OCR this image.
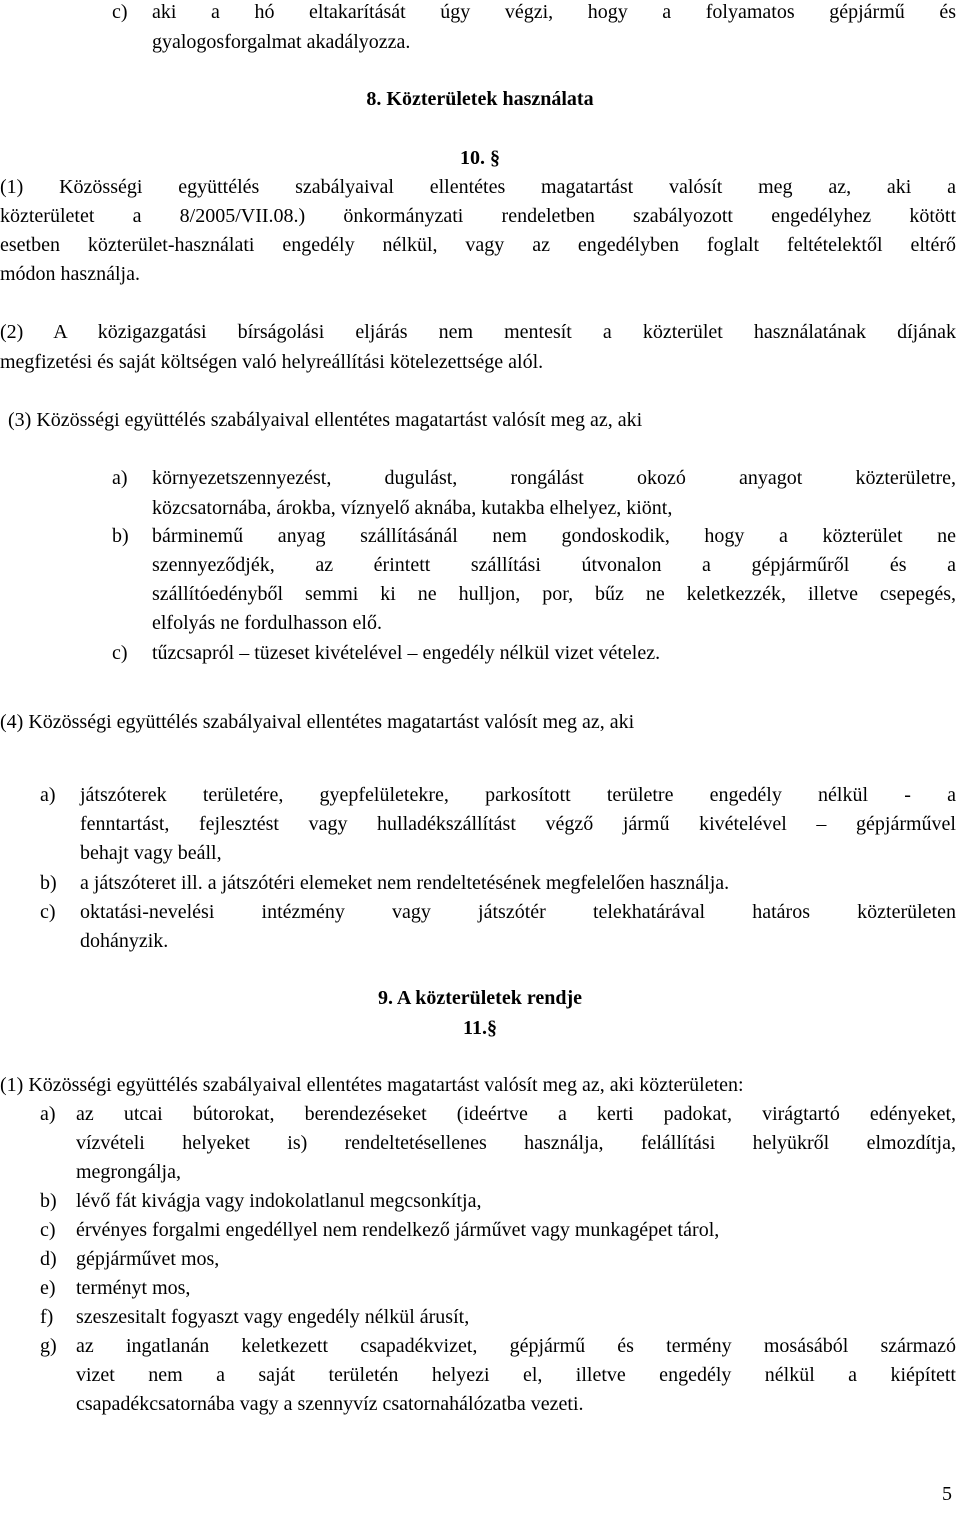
c) aki a hó eltakarítását úgy végzi, hogy a folyamatos gépjármű és
gyalogosforgalmat akadályozza.
8. Közterületek használata
10. §
(1) Közösségi együttélés szabályaival ellentétes magatartást valósít meg az, aki a
közterületet a 8/2005/VII.08.) önkormányzati rendeletben szabályozott engedélyhez kötött
esetben közterület-használati engedély nélkül, vagy az engedélyben foglalt feltételektől eltérő
módon használja.
(2) A közigazgatási bírságolási eljárás nem mentesít a közterület használatának díjának
megfizetési és saját költségen való helyreállítási kötelezettsége alól.
(3) Közösségi együttélés szabályaival ellentétes magatartást valósít meg az, aki
a) környezetszennyezést, dugulást, rongálást okozó anyagot közterületre,
közcsatornába, árokba, víznyelő aknába, kutakba elhelyez, kiönt,
b) bárminemű anyag szállításánál nem gondoskodik, hogy a közterület ne
szennyeződjék, az érintett szállítási útvonalon a gépjárműről és a
szállítóedényből semmi ki ne hulljon, por, bűz ne keletkezzék, illetve csepegés,
elfolyás ne fordulhasson elő.
c) tűzcsapról – tüzeset kivételével – engedély nélkül vizet vételez.
(4) Közösségi együttélés szabályaival ellentétes magatartást valósít meg az, aki
a) játszóterek területére, gyepfelületekre, parkosított területre engedély nélkül - a
fenntartást, fejlesztést vagy hulladékszállítást végző jármű kivételével – gépjárművel
behajt vagy beáll,
b) a játszóteret ill. a játszótéri elemeket nem rendeltetésének megfelelően használja.
c) oktatási-nevelési intézmény vagy játszótér telekhatárával határos közterületen
dohányzik.
9. A közterületek rendje
11.§
(1) Közösségi együttélés szabályaival ellentétes magatartást valósít meg az, aki közterületen:
a) az utcai bútorokat, berendezéseket (ideértve a kerti padokat, virágtartó edényeket,
vízvételi helyeket is) rendeltetésellenes használja, felállítási helyükről elmozdítja,
megrongálja,
b) lévő fát kivágja vagy indokolatlanul megcsonkítja,
c) érvényes forgalmi engedéllyel nem rendelkező járművet vagy munkagépet tárol,
d) gépjárművet mos,
e) terményt mos,
f) szeszesitalt fogyaszt vagy engedély nélkül árusít,
g) az ingatlanán keletkezett csapadékvizet, gépjármű és termény mosásából származó
vizet nem a saját területén helyezi el, illetve engedély nélkül a kiépített
csapadékcsatornába vagy a szennyvíz csatornahálózatba vezeti.
5
